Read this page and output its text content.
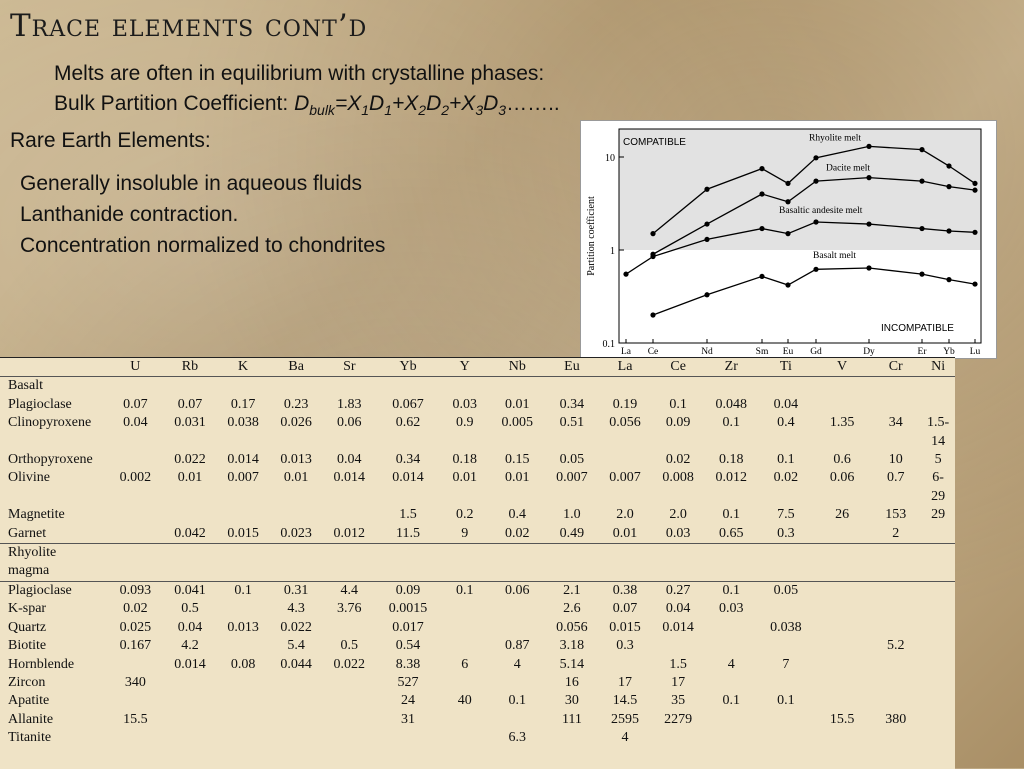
Trace elements cont’d
Melts are often in equilibrium with crystalline phases:
Bulk Partition Coefficient: $D_{bulk}=X_1D_1+X_2D_2+X_3D_3\dots\dots$..
Rare Earth Elements:
Generally insoluble in aqueous fluids
Lanthanide contraction.
Concentration normalized to chondrites
COMPATIBLE
INCOMPATIBLE
10
1
0.1
Partition coefficient
La Ce	Nd	Sm Eu Gd	Dy	Er Yb Lu
Rhyolite melt
Dacite melt
Basaltic andesite melt
Basalt melt
	U	Rb	K	Ba	Sr	Yb	Y	Nb	Eu	La	Ce	Zr	Ti	V	Cr	Ni
Basalt																
Plagioclase	0.07	0.07	0.17	0.23	1.83	0.067	0.03	0.01	0.34	0.19	0.1	0.048	0.04			
Clinopyroxene	0.04	0.031	0.038	0.026	0.06	0.62	0.9	0.005	0.51	0.056	0.09	0.1	0.4	1.35	34	1.5-
																14
Orthopyroxene		0.022	0.014	0.013	0.04	0.34	0.18	0.15	0.05		0.02	0.18	0.1	0.6	10	5
Olivine	0.002	0.01	0.007	0.01	0.014	0.014	0.01	0.01	0.007	0.007	0.008	0.012	0.02	0.06	0.7	6-
																29
Magnetite						1.5	0.2	0.4	1.0	2.0	2.0	0.1	7.5	26	153	29
Garnet		0.042	0.015	0.023	0.012	11.5	9	0.02	0.49	0.01	0.03	0.65	0.3		2	
Rhyolite																
magma																
Plagioclase	0.093	0.041	0.1	0.31	4.4	0.09	0.1	0.06	2.1	0.38	0.27	0.1	0.05			
K-spar	0.02	0.5		4.3	3.76	0.0015			2.6	0.07	0.04	0.03				
Quartz	0.025	0.04	0.013	0.022		0.017			0.056	0.015	0.014		0.038			
Biotite	0.167	4.2		5.4	0.5	0.54		0.87	3.18	0.3					5.2	
Hornblende		0.014	0.08	0.044	0.022	8.38	6	4	5.14		1.5	4	7			
Zircon	340					527			16	17	17					
Apatite						24	40	0.1	30	14.5	35	0.1	0.1			
Allanite	15.5					31			111	2595	2279			15.5	380	
Titanite								6.3		4						
